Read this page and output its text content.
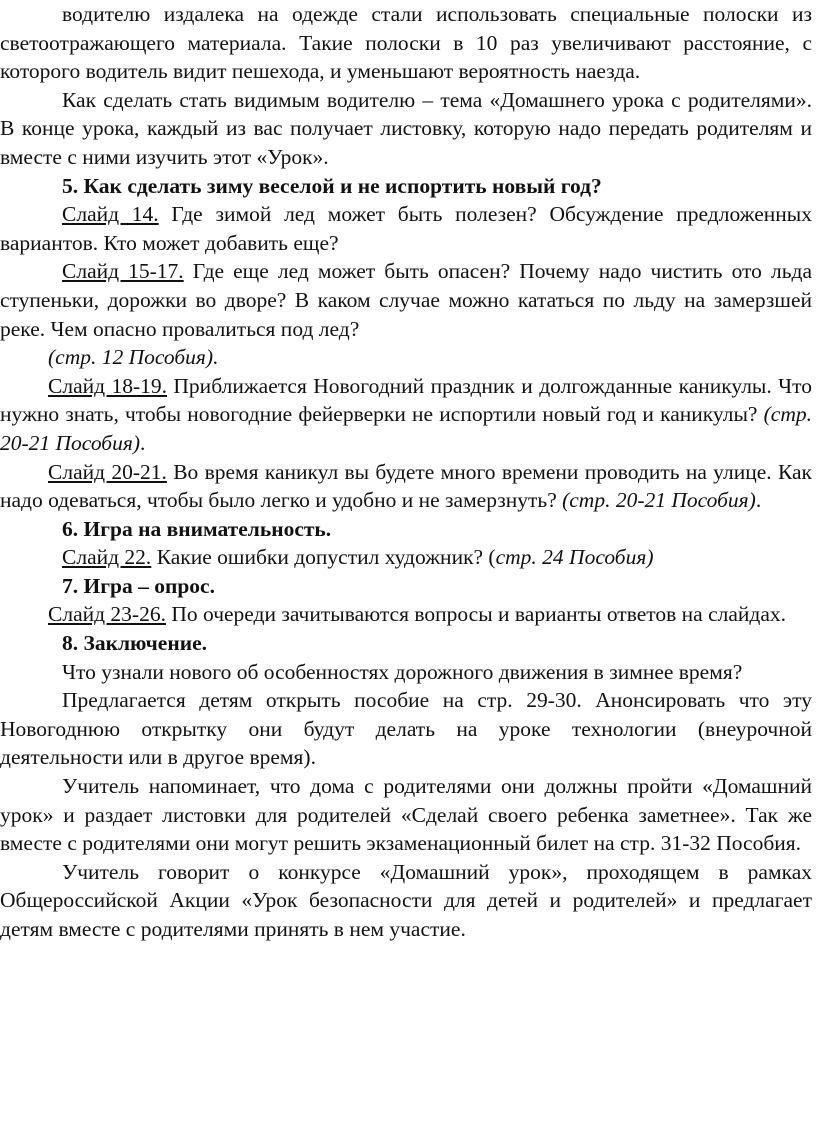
водителю издалека на одежде стали использовать специальные полоски из светоотражающего материала. Такие полоски в 10 раз увеличивают расстояние, с которого водитель видит пешехода, и уменьшают вероятность наезда.

Как сделать стать видимым водителю – тема «Домашнего урока с родителями». В конце урока, каждый из вас получает листовку, которую надо передать родителям и вместе с ними изучить этот «Урок».

5. Как сделать зиму веселой и не испортить новый год?

Слайд 14. Где зимой лед может быть полезен? Обсуждение предложенных вариантов. Кто может добавить еще?

Слайд 15-17. Где еще лед может быть опасен? Почему надо чистить ото льда ступеньки, дорожки во дворе? В каком случае можно кататься по льду на замерзшей реке. Чем опасно провалиться под лед?

(стр. 12 Пособия).

Слайд 18-19. Приближается Новогодний праздник и долгожданные каникулы. Что нужно знать, чтобы новогодние фейерверки не испортили новый год и каникулы? (стр. 20-21 Пособия).

Слайд 20-21. Во время каникул вы будете много времени проводить на улице. Как надо одеваться, чтобы было легко и удобно и не замерзнуть? (стр. 20-21 Пособия).

6. Игра на внимательность.

Слайд 22. Какие ошибки допустил художник? (стр. 24 Пособия)

7. Игра – опрос.

Слайд 23-26. По очереди зачитываются вопросы и варианты ответов на слайдах.

8. Заключение.

Что узнали нового об особенностях дорожного движения в зимнее время?

Предлагается детям открыть пособие на стр. 29-30. Анонсировать что эту Новогоднюю открытку они будут делать на уроке технологии (внеурочной деятельности или в другое время).

Учитель напоминает, что дома с родителями они должны пройти «Домашний урок» и раздает листовки для родителей «Сделай своего ребенка заметнее». Так же вместе с родителями они могут решить экзаменационный билет на стр. 31-32 Пособия.

Учитель говорит о конкурсе «Домашний урок», проходящем в рамках Общероссийской Акции «Урок безопасности для детей и родителей» и предлагает детям вместе с родителями принять в нем участие.
